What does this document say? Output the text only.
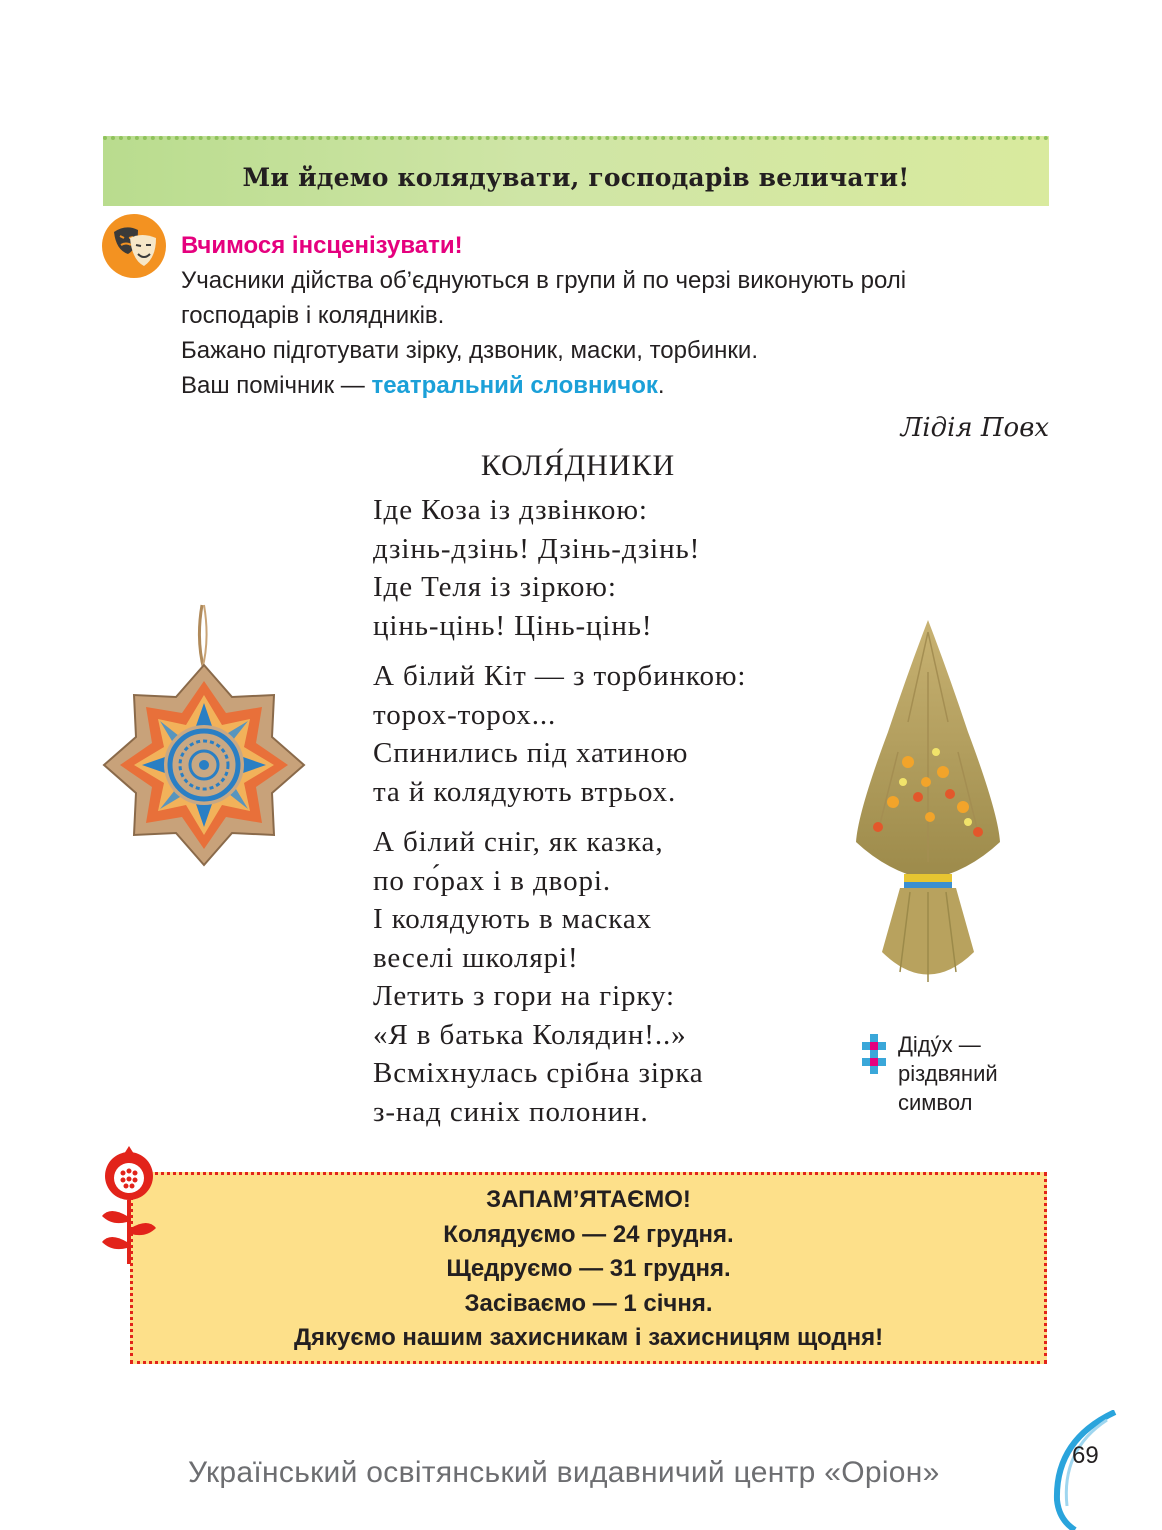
Ми йдемо колядувати, господарів величати!
Вчимося інсценізувати!

Учасники дійства об’єднуються в групи й по черзі виконують ролі

господарів і колядників.

Бажано підготувати зірку, дзвоник, маски, торбинки.

Ваш помічник — театральний словничок.

Лідія Повх
КОЛЯ́ДНИКИ
Іде Коза із дзвінкою:
дзінь-дзінь! Дзінь-дзінь!
Іде Теля із зіркою:
цінь-цінь! Цінь-цінь!
А білий Кіт — з торбинкою:
торох-торох...
Спинились під хатиною
та й колядують втрьох.
А білий сніг, як казка,
по го́рах і в дворі.
І колядують в масках
веселі школярі!
Летить з гори на гірку:
«Я в батька Колядин!..»
Всміхнулась срібна зірка
з-над синіх полонин.
Діду́х —
різдвяний
символ
ЗАПАМ’ЯТАЄМО!
Колядуємо — 24 грудня.
Щедруємо — 31 грудня.
Засіваємо — 1 січня.
Дякуємо нашим захисникам і захисницям щодня!
Український освітянський видавничий центр «Оріон»
69
